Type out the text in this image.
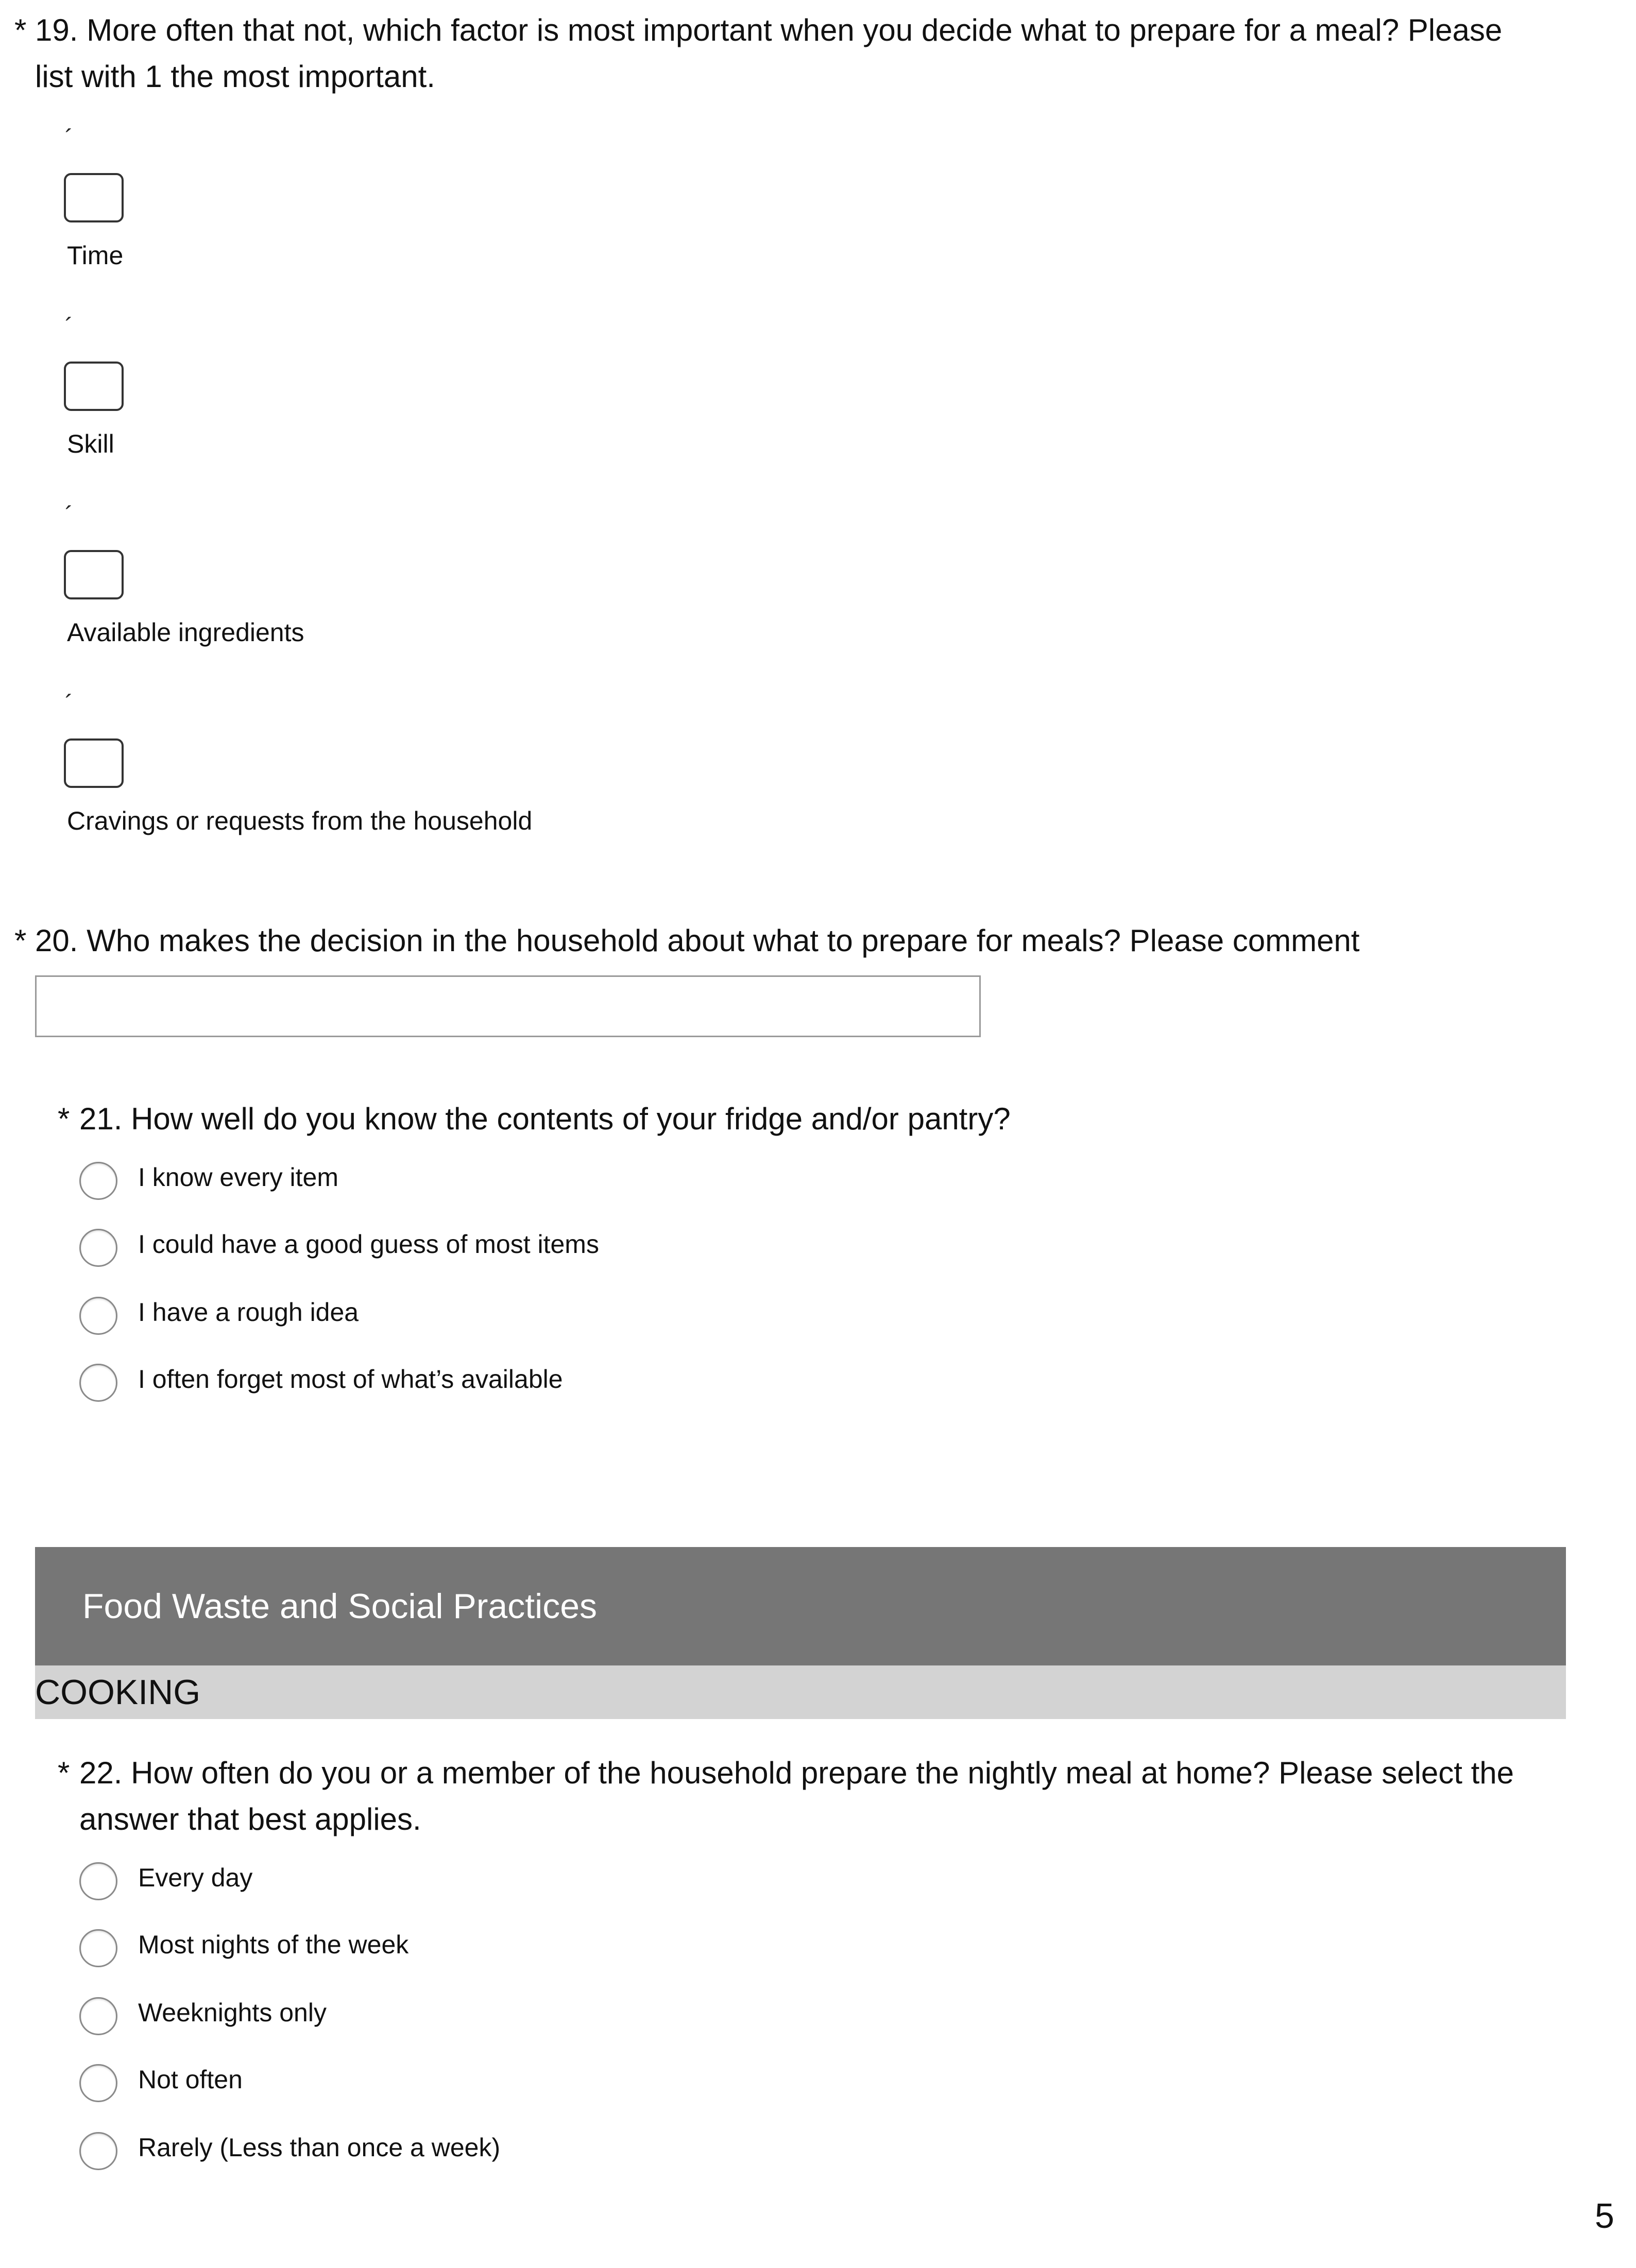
* 19. More often that not, which factor is most important when you decide what to prepare for a meal? Please
list with 1 the most important.
´
Time
´
Skill
´
Available ingredients
´
Cravings or requests from the household
* 20. Who makes the decision in the household about what to prepare for meals? Please comment
* 21. How well do you know the contents of your fridge and/or pantry?
I know every item
I could have a good guess of most items
I have a rough idea
I often forget most of what’s available
Food Waste and Social Practices
COOKING
* 22. How often do you or a member of the household prepare the nightly meal at home? Please select the
answer that best applies.
Every day
Most nights of the week
Weeknights only
Not often
Rarely (Less than once a week)
5
